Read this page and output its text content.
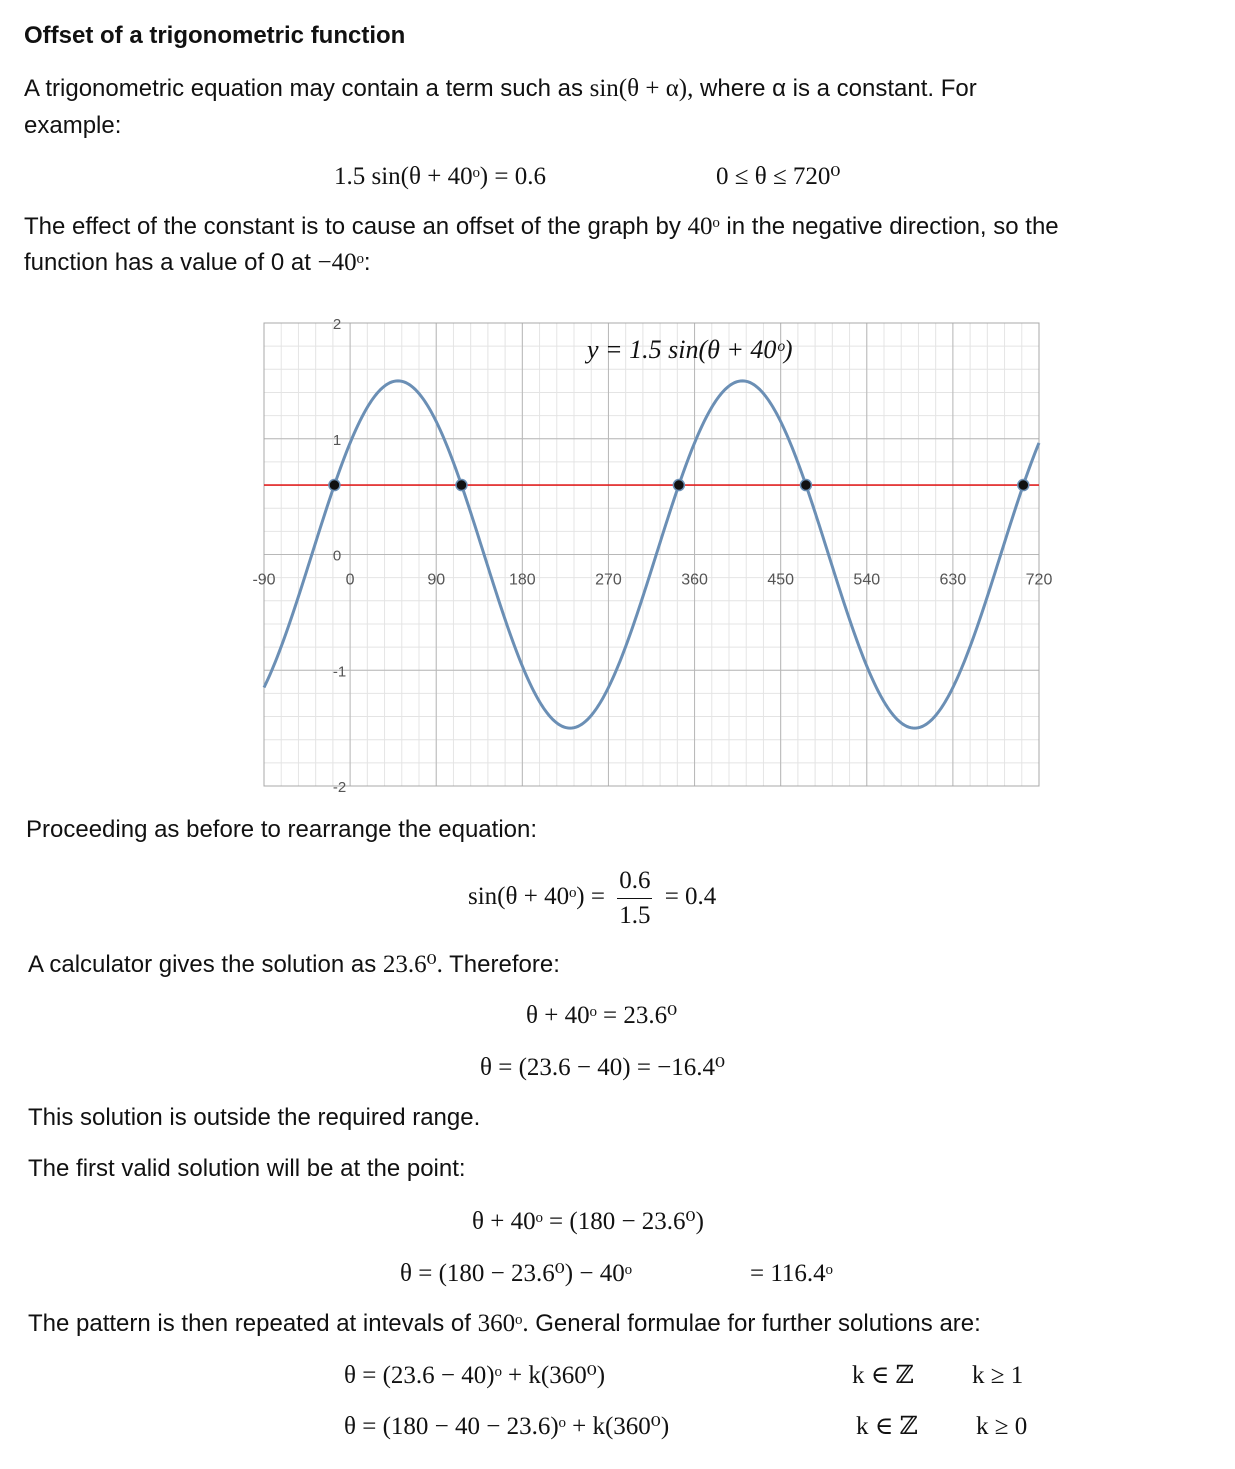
Offset of a trigonometric function
A trigonometric equation may contain a term such as sin(θ + α), where α is a constant. For
example:
1.5 sin(θ + 40ᵒ) = 0.6	0 ≤ θ ≤ 720⁰
The effect of the constant is to cause an offset of the graph by 40ᵒ in the negative direction, so the
function has a value of 0 at −40ᵒ:
2
1
0
-1
-2
-90	0	90	180	270	360	450	540	630	720
y = 1.5 sin(θ + 40ᵒ)
Proceeding as before to rearrange the equation:
sin(θ + 40ᵒ) = $\frac{0.6}{1.5} = 0.4$
A calculator gives the solution as 23.6⁰. Therefore:
θ + 40ᵒ = 23.6⁰
θ = (23.6 − 40) = −16.4⁰
This solution is outside the required range.
The first valid solution will be at the point:
θ + 40ᵒ = (180 − 23.6⁰)
θ = (180 − 23.6⁰) − 40ᵒ	= 116.4ᵒ
The pattern is then repeated at intevals of 360ᵒ. General formulae for further solutions are:
θ = (23.6 − 40)ᵒ + k(360⁰)	k ∈ ℤ k ≥ 1
θ = (180 − 40 − 23.6)ᵒ + k(360⁰)	k ∈ ℤ k ≥ 0
